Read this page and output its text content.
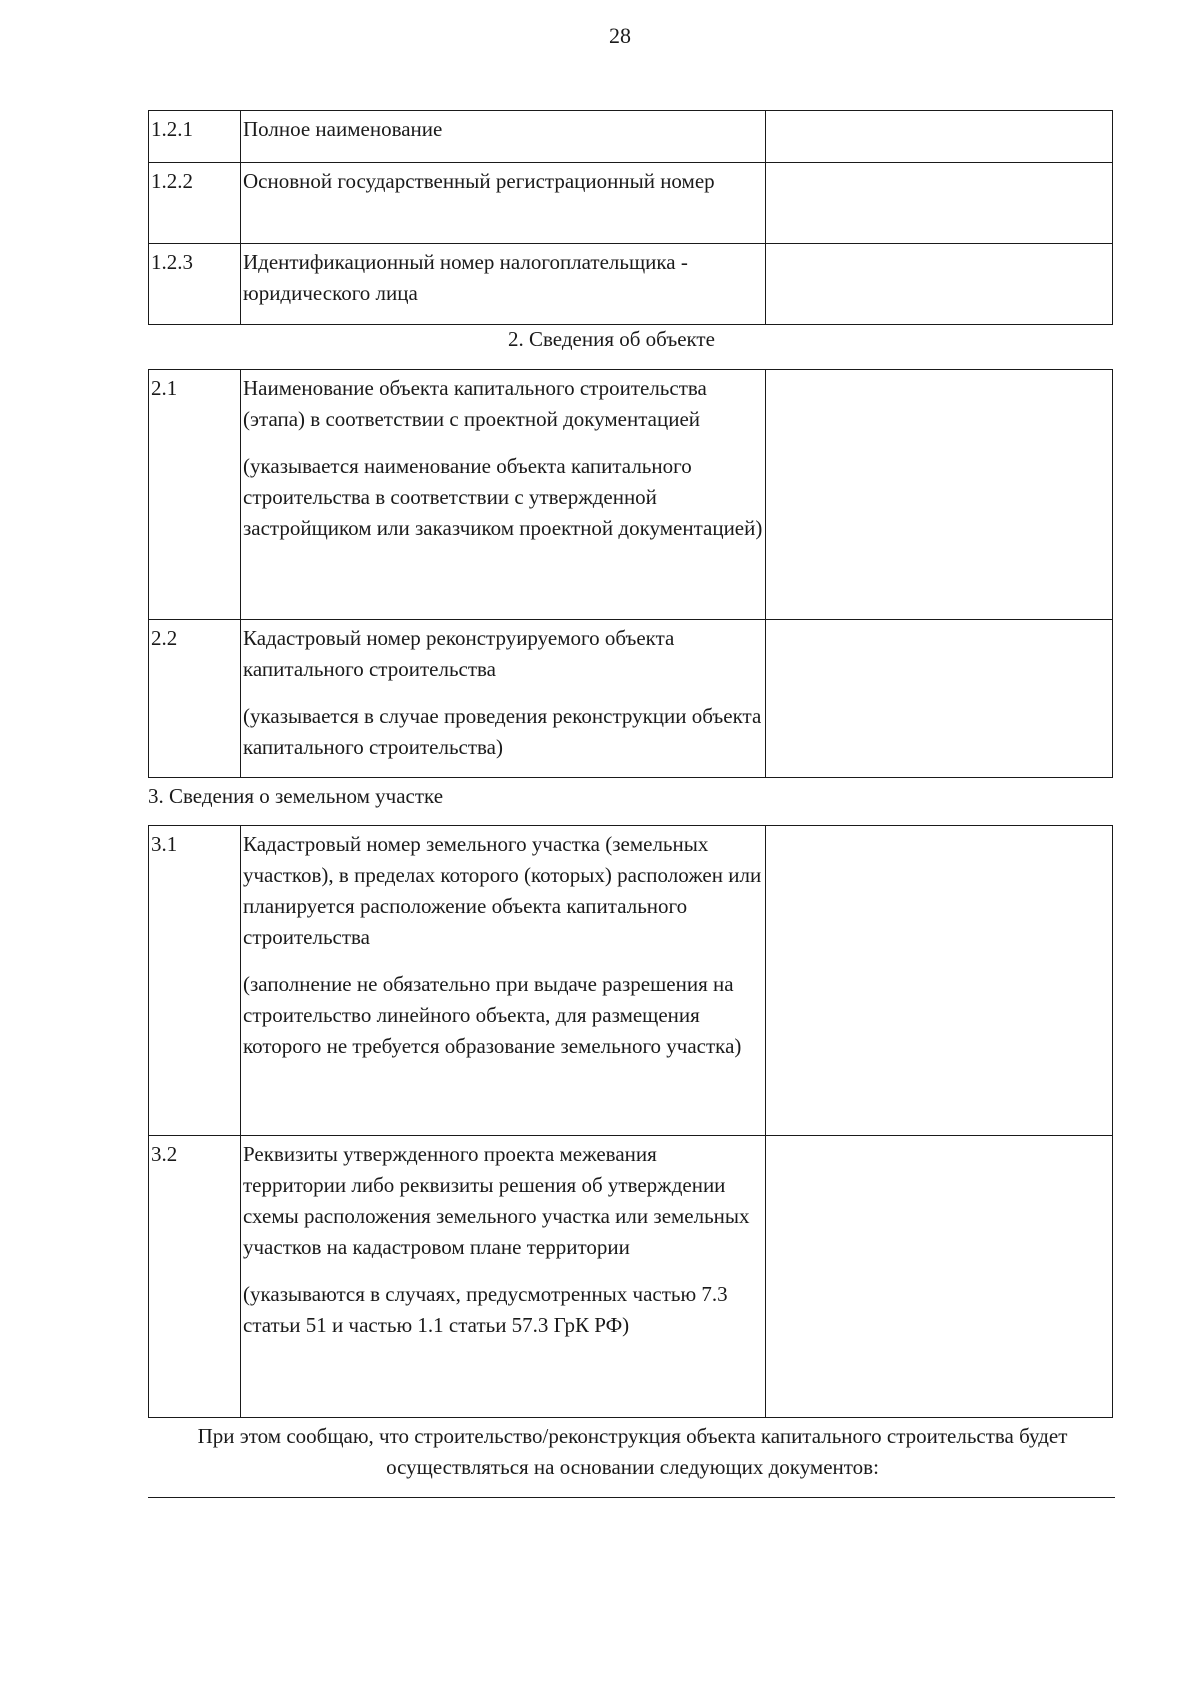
28
1.2.1	Полное наименование	

1.2.2	Основной государственный регистрационный номер	

1.2.3	Идентификационный номер налогоплательщика - юридического лица	

2. Сведения об объекте
2.1	Наименование объекта капитального строительства (этапа) в соответствии с проектной документацией
(указывается наименование объекта капитального строительства в соответствии с утвержденной застройщиком или заказчиком проектной документацией)	

2.2	Кадастровый номер реконструируемого объекта капитального строительства
(указывается в случае проведения реконструкции объекта капитального строительства)	

3. Сведения о земельном участке
3.1	Кадастровый номер земельного участка (земельных участков), в пределах которого (которых) расположен или планируется расположение объекта капитального строительства
(заполнение не обязательно при выдаче разрешения на строительство линейного объекта, для размещения которого не требуется образование земельного участка)	

3.2	Реквизиты утвержденного проекта межевания территории либо реквизиты решения об утверждении схемы расположения земельного участка или земельных участков на кадастровом плане территории
(указываются в случаях, предусмотренных частью 7.3 статьи 51 и частью 1.1 статьи 57.3 ГрК РФ)	

При этом сообщаю, что строительство/реконструкция объекта капитального строительства будет осуществляться на основании следующих документов:
